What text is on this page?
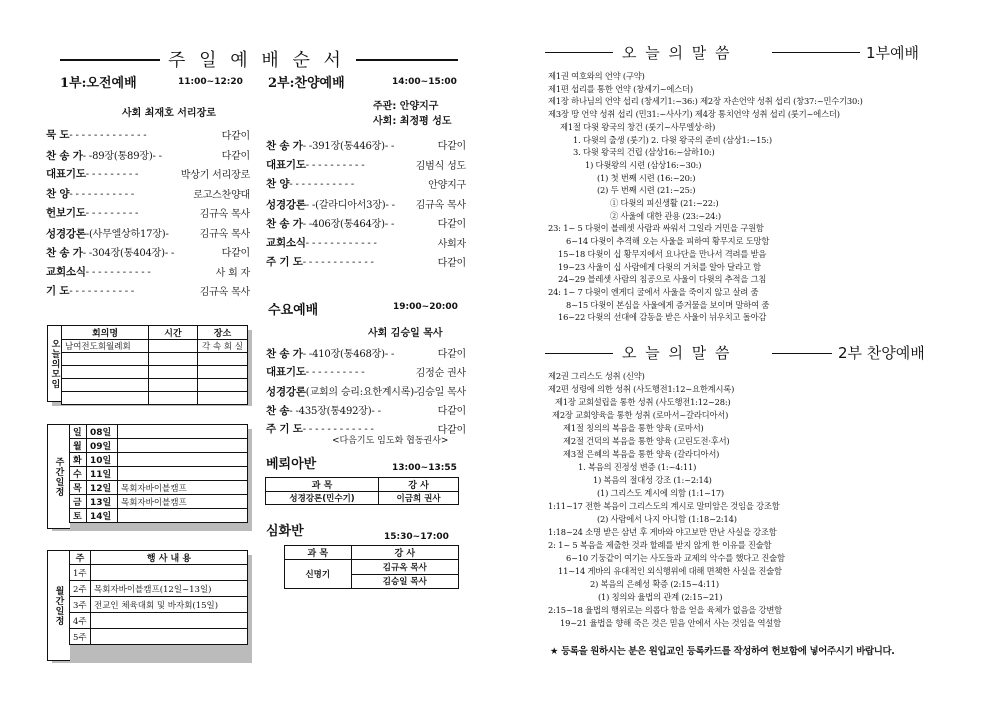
주 일 예 배 순 서
1부:오전예배	11:00~12:20
사회 최재호 서리장로
묵 도- - - - - - - - - - - - -	다같이
찬 송 가- -89장(통89장)- -	다같이
대표기도- - - - - - - - -	박상기 서리장로
찬 양- - - - - - - - - - -	로고스찬양대
헌보기도- - - - - - - - -	김규옥 목사
성경강론-(사무엘상하17장)-	김규옥 목사
찬 송 가- -304장(통404장)- -	다같이
교회소식- - - - - - - - - - -	사 회 자
기 도- - - - - - - - - - -	김규옥 목사
2부:찬양예배	14:00~15:00
주관: 안양지구
사회: 최정평 성도
찬 송 가- -391장(통446장)- -	다같이
대표기도- - - - - - - - - -	김범식 성도
찬 양- - - - - - - - - - -	안양지구
성경강론- -(갈라디아서3장)- - 김규옥 목사
찬 송 가- -406장(통464장)- -	다같이
교회소식- - - - - - - - - - - -	사회자
주 기 도- - - - - - - - - - - -	다같이
수요예배	19:00~20:00
사회 김승일 목사
찬 송 가- -410장(통468장)- -	다같이
대표기도- - - - - - - - - -	김정순 권사
성경강론(교회의 승리:요한계시록)-
김승일 목사
찬 송- -435장(통492장)- -	다같이
주 기 도- - - - - - - - - - - -	다같이
<다음기도 임도화 협동권사>
베뢰아반	13:00~13:55
과 목	강 사
성경강론(민수기)	이금희 권사
심화반	15:30~17:00
과 목	강 사
신명기	김규옥 목사
	김승일 목사
오늘의모임
회의명	시간	장소
남여전도회월례회		각 속 회 실

주간일정
일	08일	
월	09일	
화	10일	
수	11일	
목	12일	목회자바이블캠프
금	13일	목회자바이블캠프
토	14일	
월간일정
주	행 사 내 용
1주	
2주	목회자바이블캠프(12일~13일)
3주	전교인 체육대회 및 바자회(15일)
4주	
5주	
오 늘 의 말 씀	1부예배
제1권 여호와의 언약 (구약)
제1편 섭리를 통한 언약 (창세기~에스더)
제1장 하나님의 언약 섭리 (창세기1:~36:) 제2장 자손언약 성취 섭리 (창37:~민수기30:)
제3장 땅 언약 성취 섭리 (민31:~사사기) 제4장 통치언약 성취 섭리 (룻기~에스더)
제1절 다윗 왕국의 창건 (룻기~사무엘상·하)
1. 다윗의 출생 (룻기) 2. 다윗 왕국의 준비 (삼상1:~15:)
3. 다윗 왕국의 건립 (삼상16:~삼하10:)
1) 다윗왕의 시련 (삼상16:~30:)
(1) 첫 번째 시련 (16:~20:)
(2) 두 번째 시련 (21:~25:)
① 다윗의 피신생활 (21:~22:)
② 사울에 대한 관용 (23:~24:)
23: 1~ 5 다윗이 블레셋 사람과 싸워서 그일라 거민을 구원함
6~14 다윗이 추격해 오는 사울을 피하여 황무지로 도망함
15~18 다윗이 십 황무지에서 요나단을 만나서 격려를 받음
19~23 사울이 십 사람에게 다윗의 거처를 알아 달라고 함
24~29 블레셋 사람의 침공으로 사울이 다윗의 추적을 그침
24: 1~ 7 다윗이 엔게디 굴에서 사울을 죽이지 않고 살려 줌
8~15 다윗이 본심을 사울에게 증거물을 보이며 말하여 줌
16~22 다윗의 선대에 감동을 받은 사울이 뉘우치고 돌아감
오 늘 의 말 씀	2부 찬양예배
제2권 그리스도 성취 (신약)
제2편 성령에 의한 성취 (사도행전1:12~요한계시록)
제1장 교회설립을 통한 성취 (사도행전1:12~28:)
제2장 교회양육을 통한 성취 (로마서~갈라디아서)
제1절 칭의의 복음을 통한 양육 (로마서)
제2절 건덕의 복음을 통한 양육 (고린도전·후서)
제3절 은혜의 복음을 통한 양육 (갈라디아서)
1. 복음의 진정성 변증 (1:~4:11)
1) 복음의 절대성 강조 (1:~2:14)
(1) 그리스도 계시에 의함 (1:1~17)
1:11~17 전한 복음이 그리스도의 계시로 말미암은 것임을 강조함
(2) 사람에서 나지 아니함 (1:18~2:14)
1:18~24 소명 받은 삼년 후 게바와 야고보만 만난 사실을 강조함
2: 1~ 5 복음을 제출한 것과 할례를 받지 않게 한 이유를 진술함
6~10 기둥같이 여기는 사도들과 교제의 악수를 했다고 진술함
11~14 게바의 유대적인 외식행위에 대해 면책한 사실을 진술함
2) 복음의 은혜성 확증 (2:15~4:11)
(1) 칭의와 율법의 관계 (2:15~21)
2:15~18 율법의 행위로는 의롭다 함을 얻을 육체가 없음을 강변함
19~21 율법을 향해 죽은 것은 믿음 안에서 사는 것임을 역설함
★ 등록을 원하시는 분은 원입교인 등록카드를 작성하여 헌보함에 넣어주시기 바랍니다.
